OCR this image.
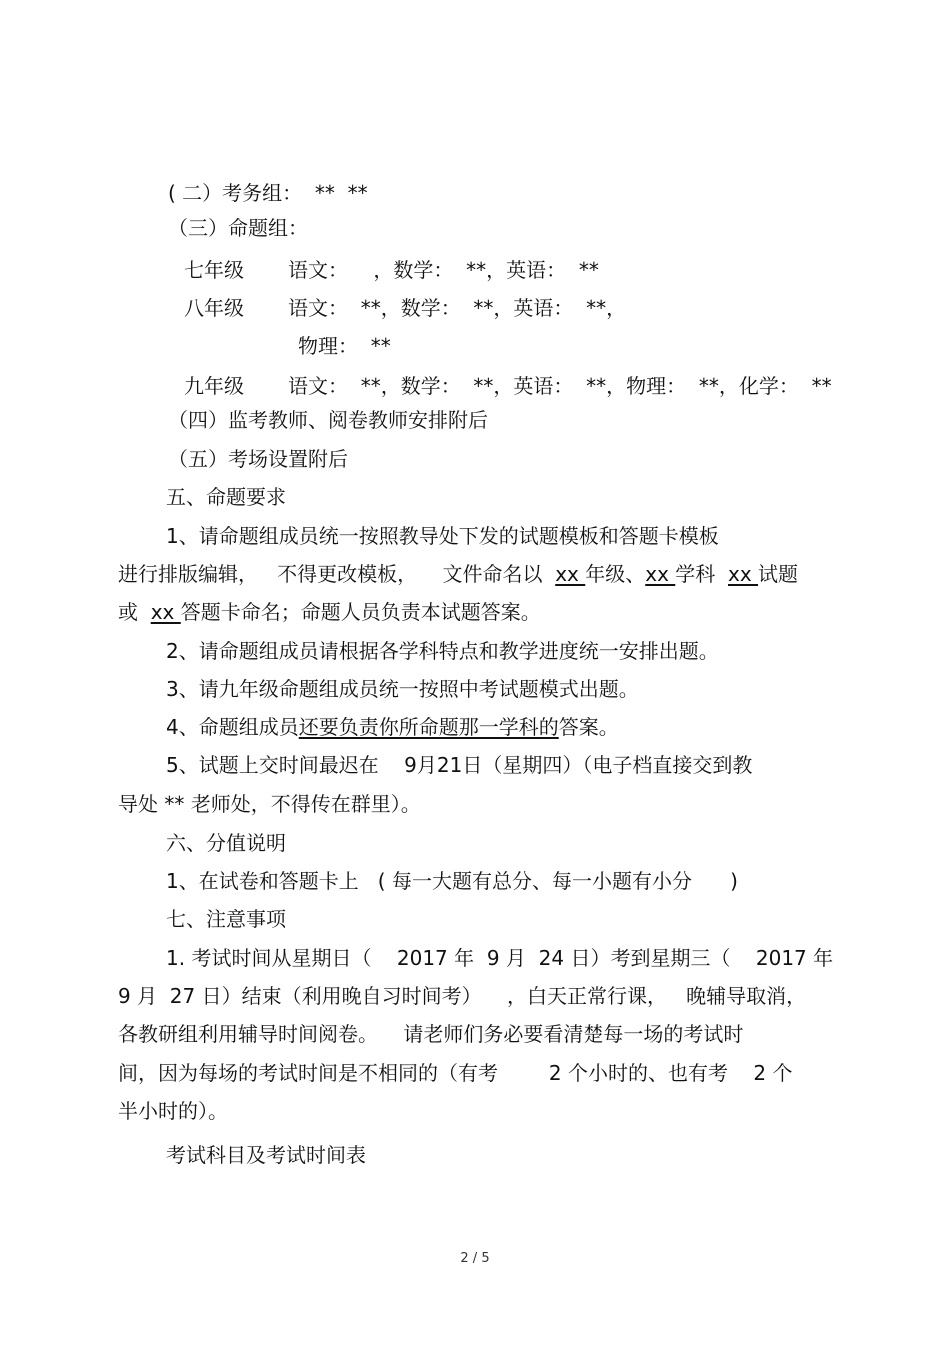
( 二）考务组：  **  **
（三）命题组：
七年级 语文：    ，数学：  **，英语：  **
八年级 语文：  **，数学：  **，英语：  **，
物理：  **
九年级 语文：  **，数学：  **，英语：  **，物理：  **，化学：  **
（四）监考教师、阅卷教师安排附后
（五）考场设置附后
五、命题要求
1、请命题组成员统一按照教导处下发的试题模板和答题卡模板
进行排版编辑，   不得更改模板，    文件命名以  xx 年级、xx 学科  xx 试题
或  xx 答题卡命名；命题人员负责本试题答案。
2、请命题组成员请根据各学科特点和教学进度统一安排出题。
3、请九年级命题组成员统一按照中考试题模式出题。
4、命题组成员还要负责你所命题那一学科的答案。
5、试题上交时间最迟在    9月21日（星期四）（电子档直接交到教
导处 ** 老师处，不得传在群里）。
六、分值说明
1、在试卷和答题卡上   ( 每一大题有总分、每一小题有小分      )
七、注意事项
1. 考试时间从星期日（    2017 年  9 月  24 日）考到星期三（    2017 年
9 月  27 日）结束（利用晚自习时间考）    ，白天正常行课，   晚辅导取消，
各教研组利用辅导时间阅卷。    请老师们务必要看清楚每一场的考试时
间，因为每场的考试时间是不相同的（有考        2 个小时的、也有考    2 个
半小时的）。
考试科目及考试时间表
2 / 5
